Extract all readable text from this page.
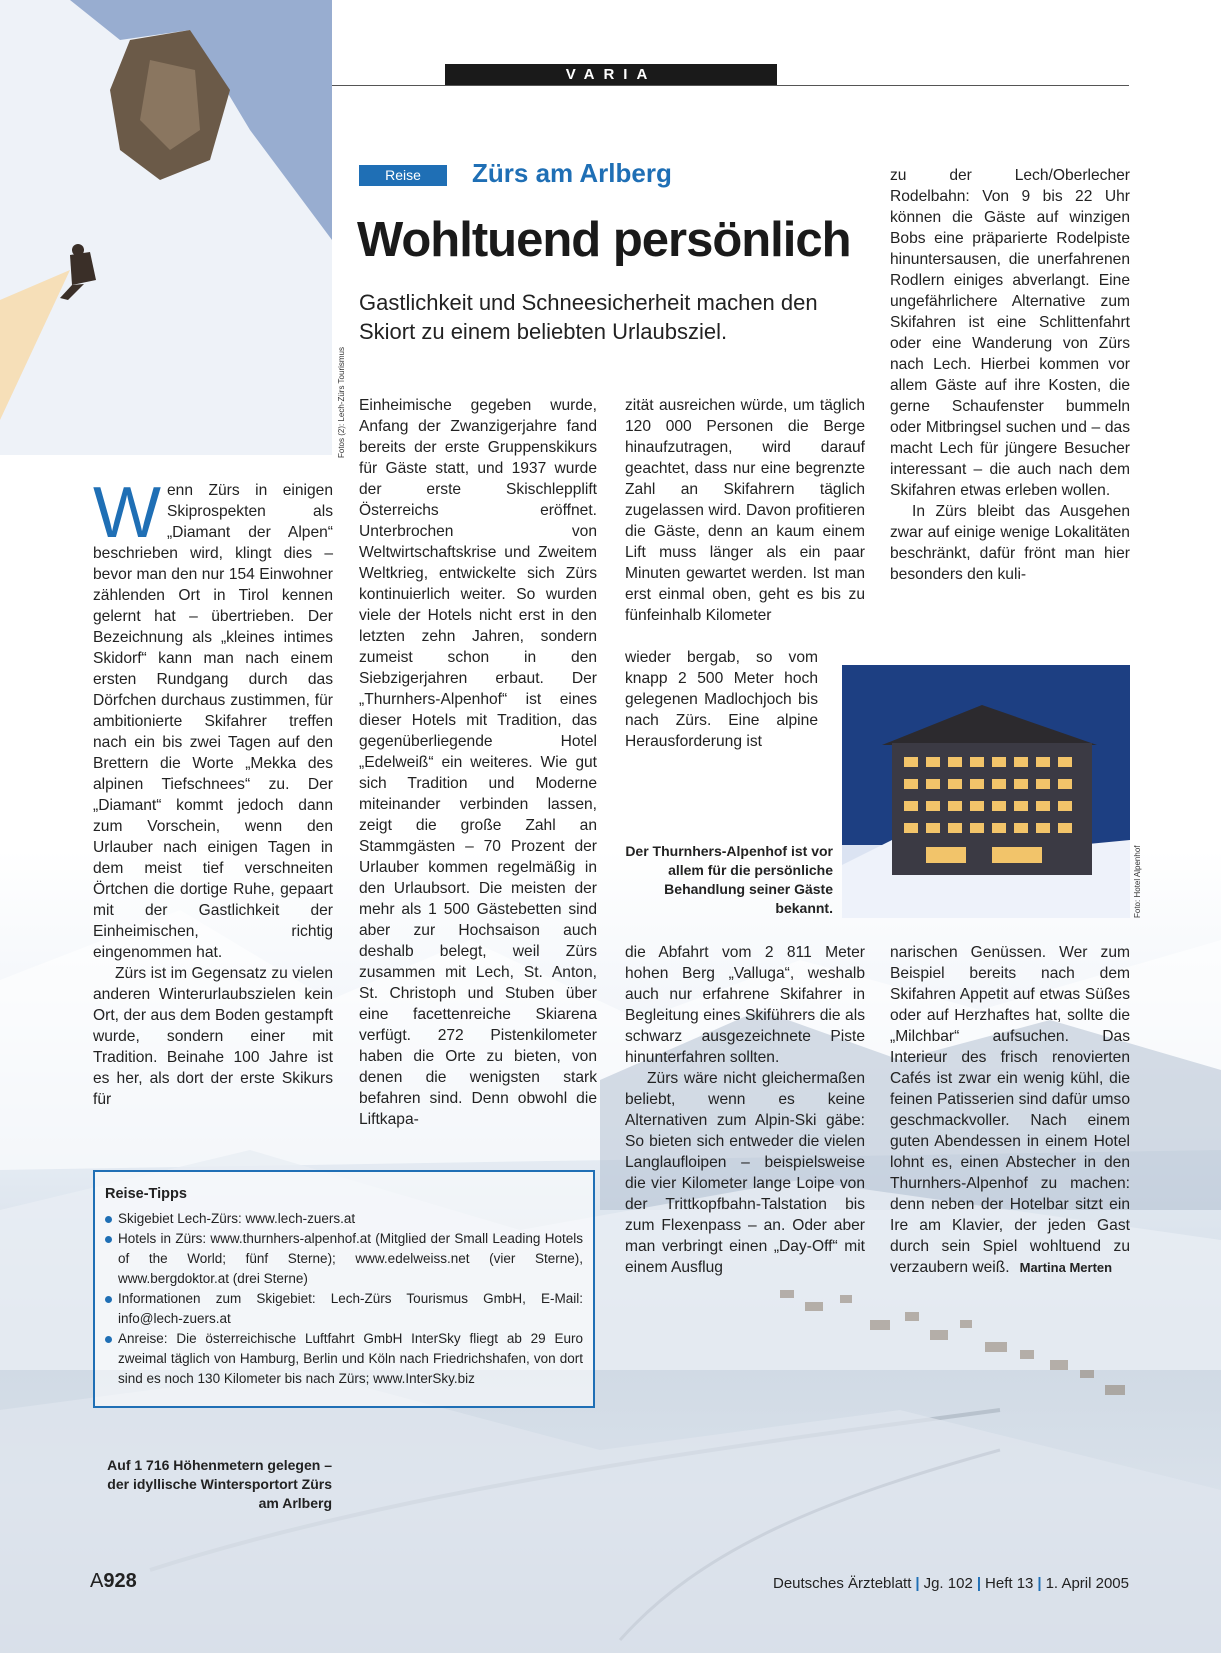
Fotos (2): Lech-Zürs Tourismus
VARIA
Reise	Zürs am Arlberg
Wohltuend persönlich
Gastlichkeit und Schneesicherheit machen den Skiort zu einem beliebten Urlaubsziel.

Wenn Zürs in einigen Skiprospekten als „Diamant der Alpen“ beschrieben wird, klingt dies – bevor man den nur 154 Einwohner zählenden Ort in Tirol kennen gelernt hat – übertrieben. Der Bezeichnung als „kleines intimes Skidorf“ kann man nach einem ersten Rundgang durch das Dörfchen durchaus zustimmen, für ambitionierte Skifahrer treffen nach ein bis zwei Tagen auf den Brettern die Worte „Mekka des alpinen Tiefschnees“ zu. Der „Diamant“ kommt jedoch dann zum Vorschein, wenn den Urlauber nach einigen Tagen in dem meist tief verschneiten Örtchen die dortige Ruhe, gepaart mit der Gastlichkeit der Einheimischen, richtig eingenommen hat.

Zürs ist im Gegensatz zu vielen anderen Winterurlaubszielen kein Ort, der aus dem Boden gestampft wurde, sondern einer mit Tradition. Beinahe 100 Jahre ist es her, als dort der erste Skikurs für

Einheimische gegeben wurde, Anfang der Zwanzigerjahre fand bereits der erste Gruppenskikurs für Gäste statt, und 1937 wurde der erste Skischlepplift Österreichs eröffnet. Unterbrochen von Weltwirtschaftskrise und Zweitem Weltkrieg, entwickelte sich Zürs kontinuierlich weiter. So wurden viele der Hotels nicht erst in den letzten zehn Jahren, sondern zumeist schon in den Siebzigerjahren erbaut. Der „Thurnhers-Alpenhof“ ist eines dieser Hotels mit Tradition, das gegenüberliegende Hotel „Edelweiß“ ein weiteres. Wie gut sich Tradition und Moderne miteinander verbinden lassen, zeigt die große Zahl an Stammgästen – 70 Prozent der Urlauber kommen regelmäßig in den Urlaubsort. Die meisten der mehr als 1 500 Gästebetten sind aber zur Hochsaison auch deshalb belegt, weil Zürs zusammen mit Lech, St. Anton, St. Christoph und Stuben über eine facettenreiche Skiarena verfügt. 272 Pistenkilometer haben die Orte zu bieten, von denen die wenigsten stark befahren sind. Denn obwohl die Liftkapa-

zität ausreichen würde, um täglich 120 000 Personen die Berge hinaufzutragen, wird darauf geachtet, dass nur eine begrenzte Zahl an Skifahrern täglich zugelassen wird. Davon profitieren die Gäste, denn an kaum einem Lift muss länger als ein paar Minuten gewartet werden. Ist man erst einmal oben, geht es bis zu fünfeinhalb Kilometer

wieder bergab, so vom knapp 2 500 Meter hoch gelegenen Madlochjoch bis nach Zürs. Eine alpine Herausforderung ist

Der Thurnhers-Alpenhof ist vor allem für die persönliche Behandlung seiner Gäste bekannt.

die Abfahrt vom 2 811 Meter hohen Berg „Valluga“, weshalb auch nur erfahrene Skifahrer in Begleitung eines Skiführers die als schwarz ausgezeichnete Piste hinunterfahren sollten.

Zürs wäre nicht gleichermaßen beliebt, wenn es keine Alternativen zum Alpin-Ski gäbe: So bieten sich entweder die vielen Langlaufloipen – beispielsweise die vier Kilometer lange Loipe von der Trittkopfbahn-Talstation bis zum Flexenpass – an. Oder aber man verbringt einen „Day-Off“ mit einem Ausflug

zu der Lech/Oberlecher Rodelbahn: Von 9 bis 22 Uhr können die Gäste auf winzigen Bobs eine präparierte Rodelpiste hinuntersausen, die unerfahrenen Rodlern einiges abverlangt. Eine ungefährlichere Alternative zum Skifahren ist eine Schlittenfahrt oder eine Wanderung von Zürs nach Lech. Hierbei kommen vor allem Gäste auf ihre Kosten, die gerne Schaufenster bummeln oder Mitbringsel suchen und – das macht Lech für jüngere Besucher interessant – die auch nach dem Skifahren etwas erleben wollen.

In Zürs bleibt das Ausgehen zwar auf einige wenige Lokalitäten beschränkt, dafür frönt man hier besonders den kuli-

Foto: Hotel Alpenhof

narischen Genüssen. Wer zum Beispiel bereits nach dem Skifahren Appetit auf etwas Süßes oder auf Herzhaftes hat, sollte die „Milchbar“ aufsuchen. Das Interieur des frisch renovierten Cafés ist zwar ein wenig kühl, die feinen Patisserien sind dafür umso geschmackvoller. Nach einem guten Abendessen in einem Hotel lohnt es, einen Abstecher in den Thurnhers-Alpenhof zu machen: denn neben der Hotelbar sitzt ein Ire am Klavier, der jeden Gast durch sein Spiel wohltuend zu verzaubern weiß. Martina Merten

Reise-Tipps
Skigebiet Lech-Zürs: www.lech-zuers.at
Hotels in Zürs: www.thurnhers-alpenhof.at (Mitglied der Small Leading Hotels of the World; fünf Sterne); www.edelweiss.net (vier Sterne), www.bergdoktor.at (drei Sterne)
Informationen zum Skigebiet: Lech-Zürs Tourismus GmbH, E-Mail: info@lech-zuers.at
Anreise: Die österreichische Luftfahrt GmbH InterSky fliegt ab 29 Euro zweimal täglich von Hamburg, Berlin und Köln nach Friedrichshafen, von dort sind es noch 130 Kilometer bis nach Zürs; www.InterSky.biz
Auf 1 716 Höhenmetern gelegen – der idyllische Wintersportort Zürs am Arlberg
A928	Deutsches Ärzteblatt | Jg. 102 | Heft 13 | 1. April 2005
